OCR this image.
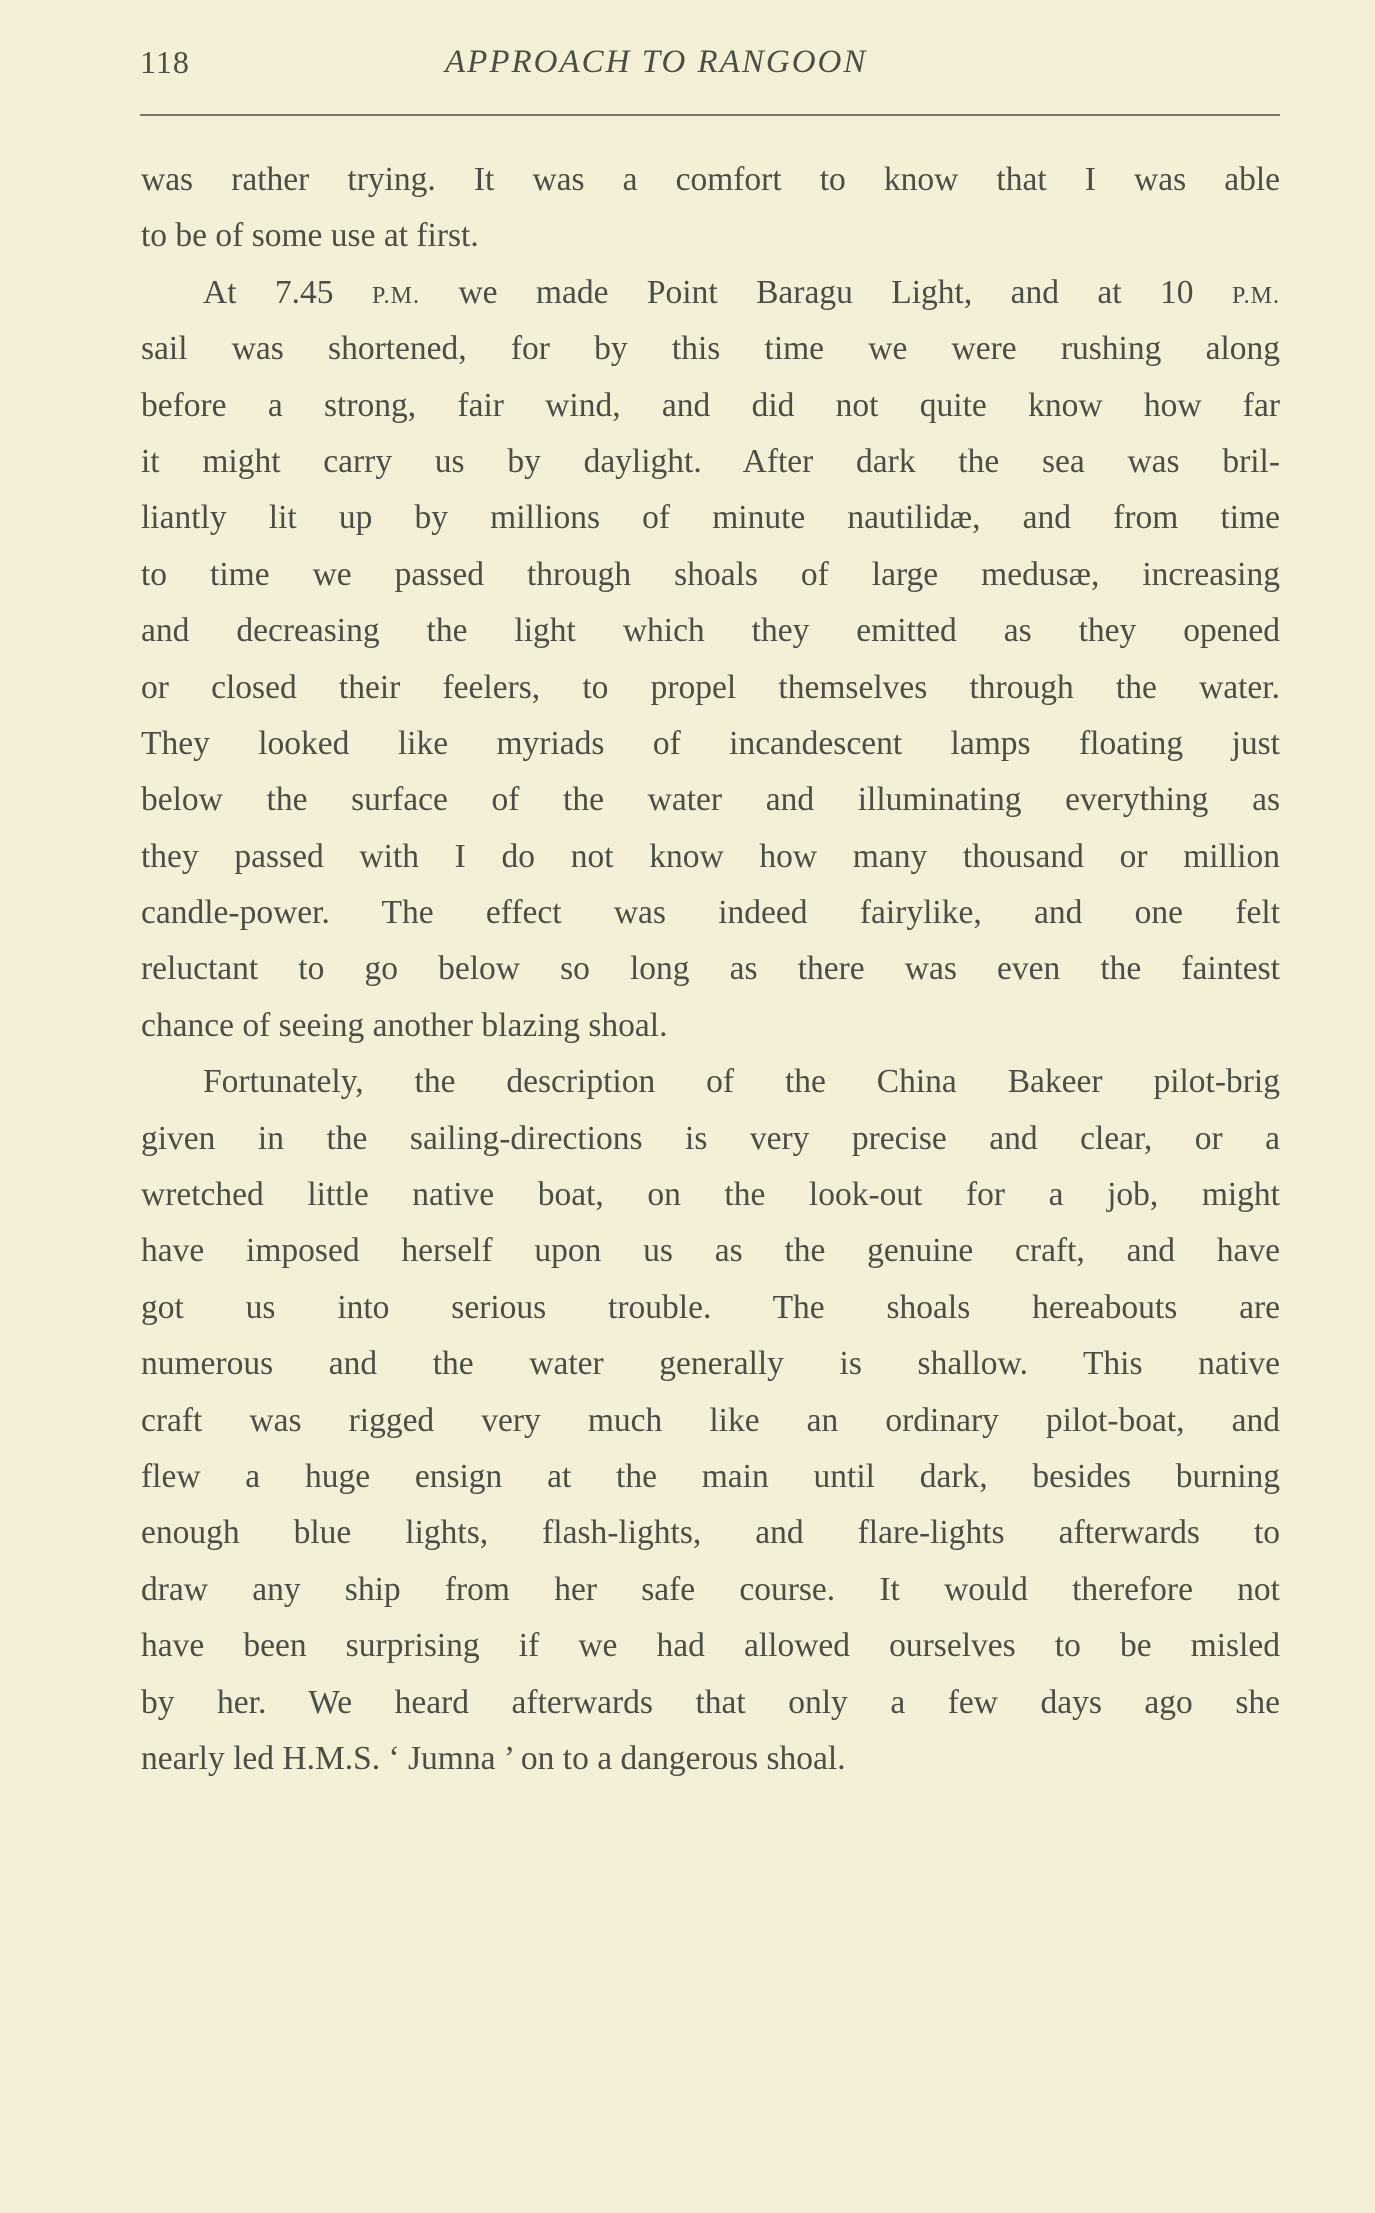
118	APPROACH TO RANGOON
was rather trying. It was a comfort to know that I was able
to be of some use at first.
At 7.45 P.M. we made Point Baragu Light, and at 10 P.M.
sail was shortened, for by this time we were rushing along
before a strong, fair wind, and did not quite know how far
it might carry us by daylight. After dark the sea was bril-
liantly lit up by millions of minute nautilidæ, and from time
to time we passed through shoals of large medusæ, increasing
and decreasing the light which they emitted as they opened
or closed their feelers, to propel themselves through the water.
They looked like myriads of incandescent lamps floating just
below the surface of the water and illuminating everything as
they passed with I do not know how many thousand or million
candle-power. The effect was indeed fairylike, and one felt
reluctant to go below so long as there was even the faintest
chance of seeing another blazing shoal.
Fortunately, the description of the China Bakeer pilot-brig
given in the sailing-directions is very precise and clear, or a
wretched little native boat, on the look-out for a job, might
have imposed herself upon us as the genuine craft, and have
got us into serious trouble. The shoals hereabouts are
numerous and the water generally is shallow. This native
craft was rigged very much like an ordinary pilot-boat, and
flew a huge ensign at the main until dark, besides burning
enough blue lights, flash-lights, and flare-lights afterwards to
draw any ship from her safe course. It would therefore not
have been surprising if we had allowed ourselves to be misled
by her. We heard afterwards that only a few days ago she
nearly led H.M.S. ‘ Jumna ’ on to a dangerous shoal.
